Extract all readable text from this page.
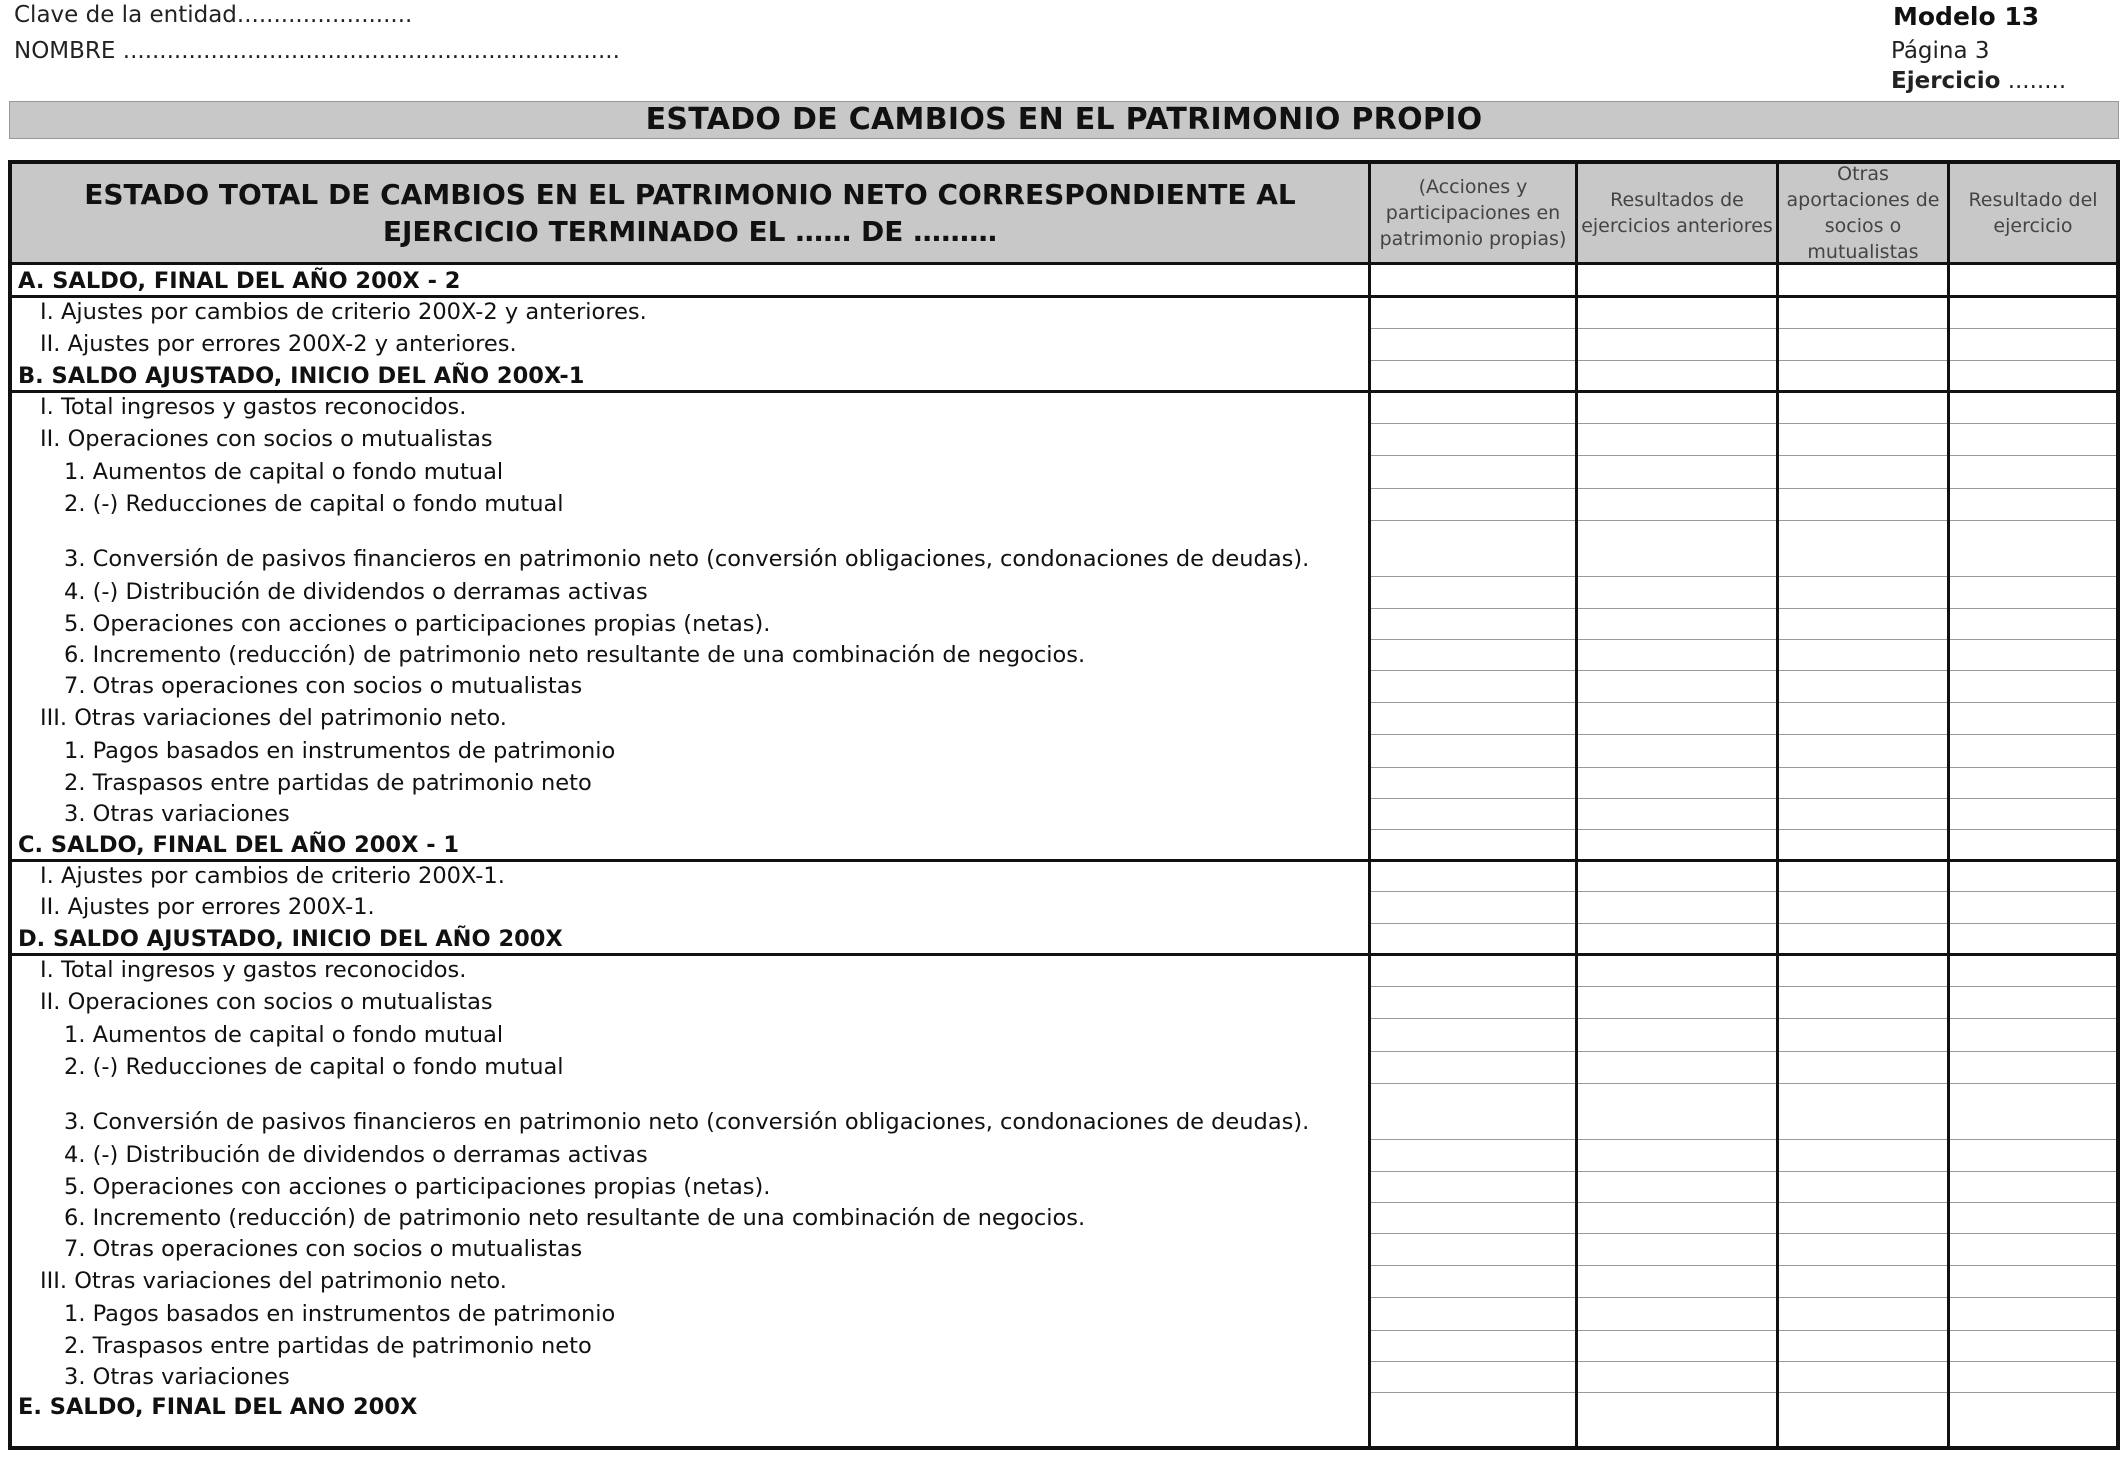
Clave de la entidad........................
NOMBRE ....................................................................
Modelo 13
Página 3
Ejercicio ........
ESTADO DE CAMBIOS EN EL PATRIMONIO PROPIO
ESTADO TOTAL DE CAMBIOS EN EL PATRIMONIO NETO CORRESPONDIENTE AL
EJERCICIO TERMINADO EL …… DE ………
(Acciones y participaciones en patrimonio propias)
Resultados de ejercicios anteriores
Otras aportaciones de socios o mutualistas
Resultado del ejercicio
A. SALDO, FINAL DEL AÑO 200X - 2
I. Ajustes por cambios de criterio 200X-2 y anteriores.
II. Ajustes por errores 200X-2 y anteriores.
B. SALDO AJUSTADO, INICIO DEL AÑO 200X-1
I. Total ingresos y gastos reconocidos.
II. Operaciones con socios o mutualistas
1. Aumentos de capital o fondo mutual
2. (-) Reducciones de capital o fondo mutual
3. Conversión de pasivos financieros en patrimonio neto (conversión obligaciones, condonaciones de deudas).
4. (-) Distribución de dividendos o derramas activas
5. Operaciones con acciones o participaciones propias (netas).
6. Incremento (reducción) de patrimonio neto resultante de una combinación de negocios.
7. Otras operaciones con socios o mutualistas
III. Otras variaciones del patrimonio neto.
1. Pagos basados en instrumentos de patrimonio
2. Traspasos entre partidas de patrimonio neto
3. Otras variaciones
C. SALDO, FINAL DEL AÑO 200X - 1
I. Ajustes por cambios de criterio 200X-1.
II. Ajustes por errores 200X-1.
D. SALDO AJUSTADO, INICIO DEL AÑO 200X
I. Total ingresos y gastos reconocidos.
II. Operaciones con socios o mutualistas
1. Aumentos de capital o fondo mutual
2. (-) Reducciones de capital o fondo mutual
3. Conversión de pasivos financieros en patrimonio neto (conversión obligaciones, condonaciones de deudas).
4. (-) Distribución de dividendos o derramas activas
5. Operaciones con acciones o participaciones propias (netas).
6. Incremento (reducción) de patrimonio neto resultante de una combinación de negocios.
7. Otras operaciones con socios o mutualistas
III. Otras variaciones del patrimonio neto.
1. Pagos basados en instrumentos de patrimonio
2. Traspasos entre partidas de patrimonio neto
3. Otras variaciones
E. SALDO, FINAL DEL ANO 200X
